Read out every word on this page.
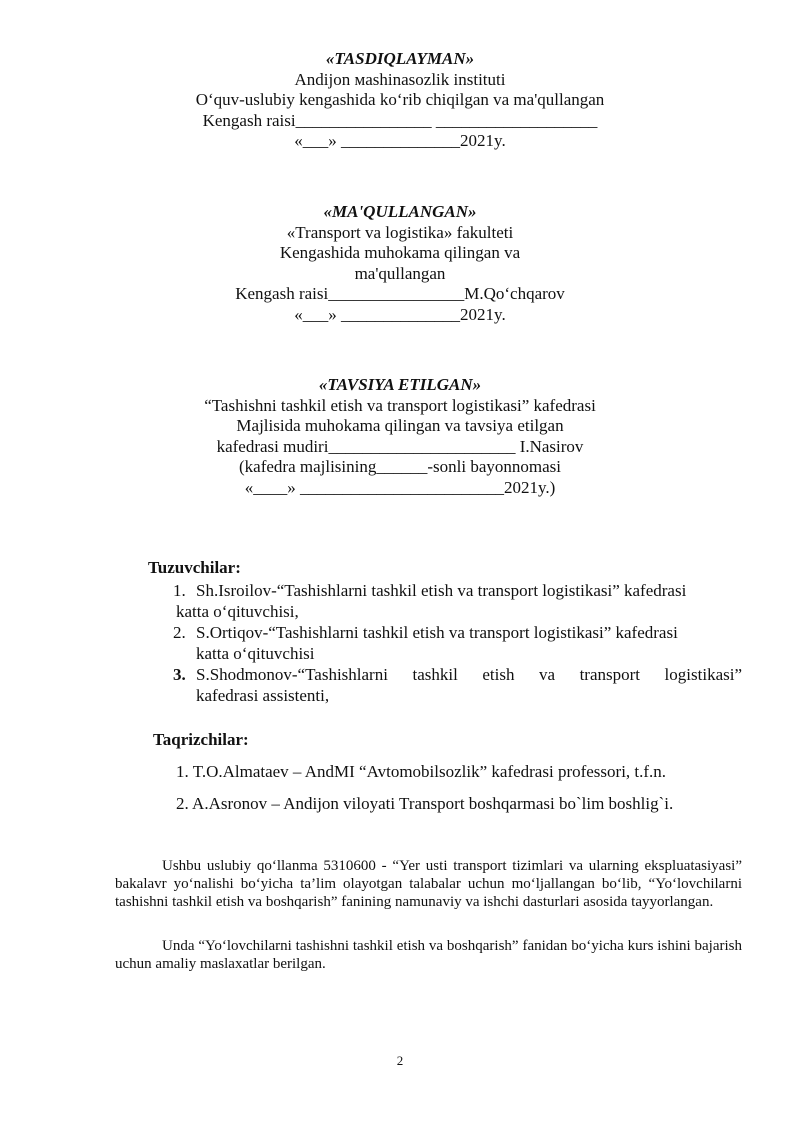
«TASDIQLAYMAN»
Andijon мashinasozlik instituti
O‘quv-uslubiy kengashida ko‘rib chiqilgan va ma'qullangan
Kengash raisi________________ ___________________
«___» ______________2021y.
«MA'QULLANGAN»
«Transport va logistika» fakulteti
Kengashida muhokama qilingan va
ma'qullangan
Kengash raisi________________M.Qo‘chqarov
«___» ______________2021y.
«TAVSIYA ETILGAN»
“Tashishni tashkil etish va transport logistikasi” kafedrasi
Majlisida muhokama qilingan va tavsiya etilgan
kafedrasi mudiri______________________ I.Nasirov
(kafedra majlisining______-sonli bayonnomasi
«____» ________________________2021y.)
Tuzuvchilar:
1. Sh.Isroilov-“Tashishlarni tashkil etish va transport logistikasi” kafedrasi
katta o‘qituvchisi,
2. S.Ortiqov-“Tashishlarni tashkil etish va transport logistikasi” kafedrasi
katta o‘qituvchisi
3. S.Shodmonov-“Tashishlarni tashkil etish va transport logistikasi”
kafedrasi assistenti,
Taqrizchilar:
1. T.O.Almataev – AndMI “Avtomobilsozlik” kafedrasi professori, t.f.n.
2. A.Asronov – Andijon viloyati Transport boshqarmasi bo`lim boshlig`i.
Ushbu uslubiy qo‘llanma 5310600 - “Yer usti transport tizimlari va ularning ekspluatasiyasi” bakalavr yo‘nalishi bo‘yicha ta’lim olayotgan talabalar uchun mo‘ljallangan bo‘lib, “Yo‘lovchilarni tashishni tashkil etish va boshqarish” fanining namunaviy va ishchi dasturlari asosida tayyorlangan.
Unda “Yo‘lovchilarni tashishni tashkil etish va boshqarish” fanidan bo‘yicha kurs ishini bajarish uchun amaliy maslaxatlar berilgan.
2
